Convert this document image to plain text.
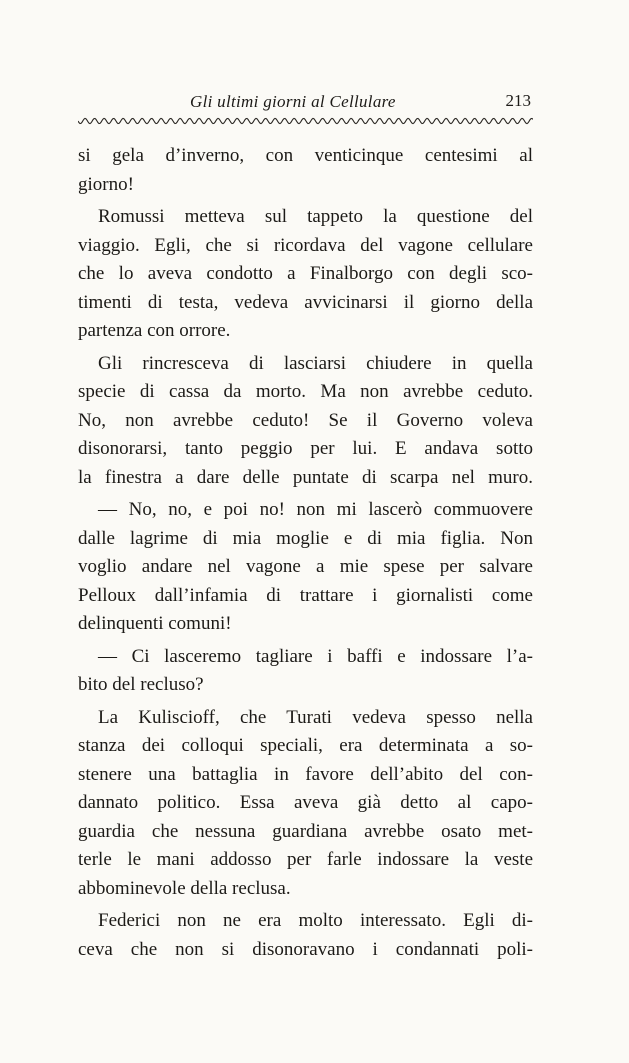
Gli ultimi giorni al Cellulare	213
si gela d’inverno, con venticinque centesimi al
giorno!
Romussi metteva sul tappeto la questione del
viaggio. Egli, che si ricordava del vagone cellulare
che lo aveva condotto a Finalborgo con degli sco-
timenti di testa, vedeva avvicinarsi il giorno della
partenza con orrore.
Gli rincresceva di lasciarsi chiudere in quella
specie di cassa da morto. Ma non avrebbe ceduto.
No, non avrebbe ceduto! Se il Governo voleva
disonorarsi, tanto peggio per lui. E andava sotto
la finestra a dare delle puntate di scarpa nel muro.
— No, no, e poi no! non mi lascerò commuovere
dalle lagrime di mia moglie e di mia figlia. Non
voglio andare nel vagone a mie spese per salvare
Pelloux dall’infamia di trattare i giornalisti come
delinquenti comuni!
— Ci lasceremo tagliare i baffi e indossare l’a-
bito del recluso?
La Kuliscioff, che Turati vedeva spesso nella
stanza dei colloqui speciali, era determinata a so-
stenere una battaglia in favore dell’abito del con-
dannato politico. Essa aveva già detto al capo-
guardia che nessuna guardiana avrebbe osato met-
terle le mani addosso per farle indossare la veste
abbominevole della reclusa.
Federici non ne era molto interessato. Egli di-
ceva che non si disonoravano i condannati poli-
